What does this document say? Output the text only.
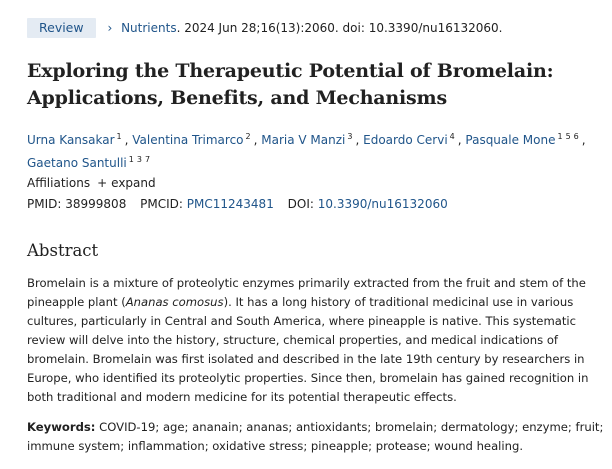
Review › Nutrients. 2024 Jun 28;16(13):2060. doi: 10.3390/nu16132060.
Exploring the Therapeutic Potential of Bromelain:
Applications, Benefits, and Mechanisms
Urna Kansakar $^1$ , Valentina Trimarco $^2$ , Maria V Manzi $^3$ , Edoardo Cervi $^4$ , Pasquale Mone $^{1 5 6}$ ,
Gaetano Santulli $^{1 3 7}$
Affiliations + expand
PMID: 38999808 PMCID: PMC11243481 DOI: 10.3390/nu16132060
Abstract

Bromelain is a mixture of proteolytic enzymes primarily extracted from the fruit and stem of the pineapple plant (Ananas comosus). It has a long history of traditional medicinal use in various cultures, particularly in Central and South America, where pineapple is native. This systematic review will delve into the history, structure, chemical properties, and medical indications of bromelain. Bromelain was first isolated and described in the late 19th century by researchers in Europe, who identified its proteolytic properties. Since then, bromelain has gained recognition in both traditional and modern medicine for its potential therapeutic effects.

Keywords: COVID-19; age; ananain; ananas; antioxidants; bromelain; dermatology; enzyme; fruit; immune system; inflammation; oxidative stress; pineapple; protease; wound healing.
